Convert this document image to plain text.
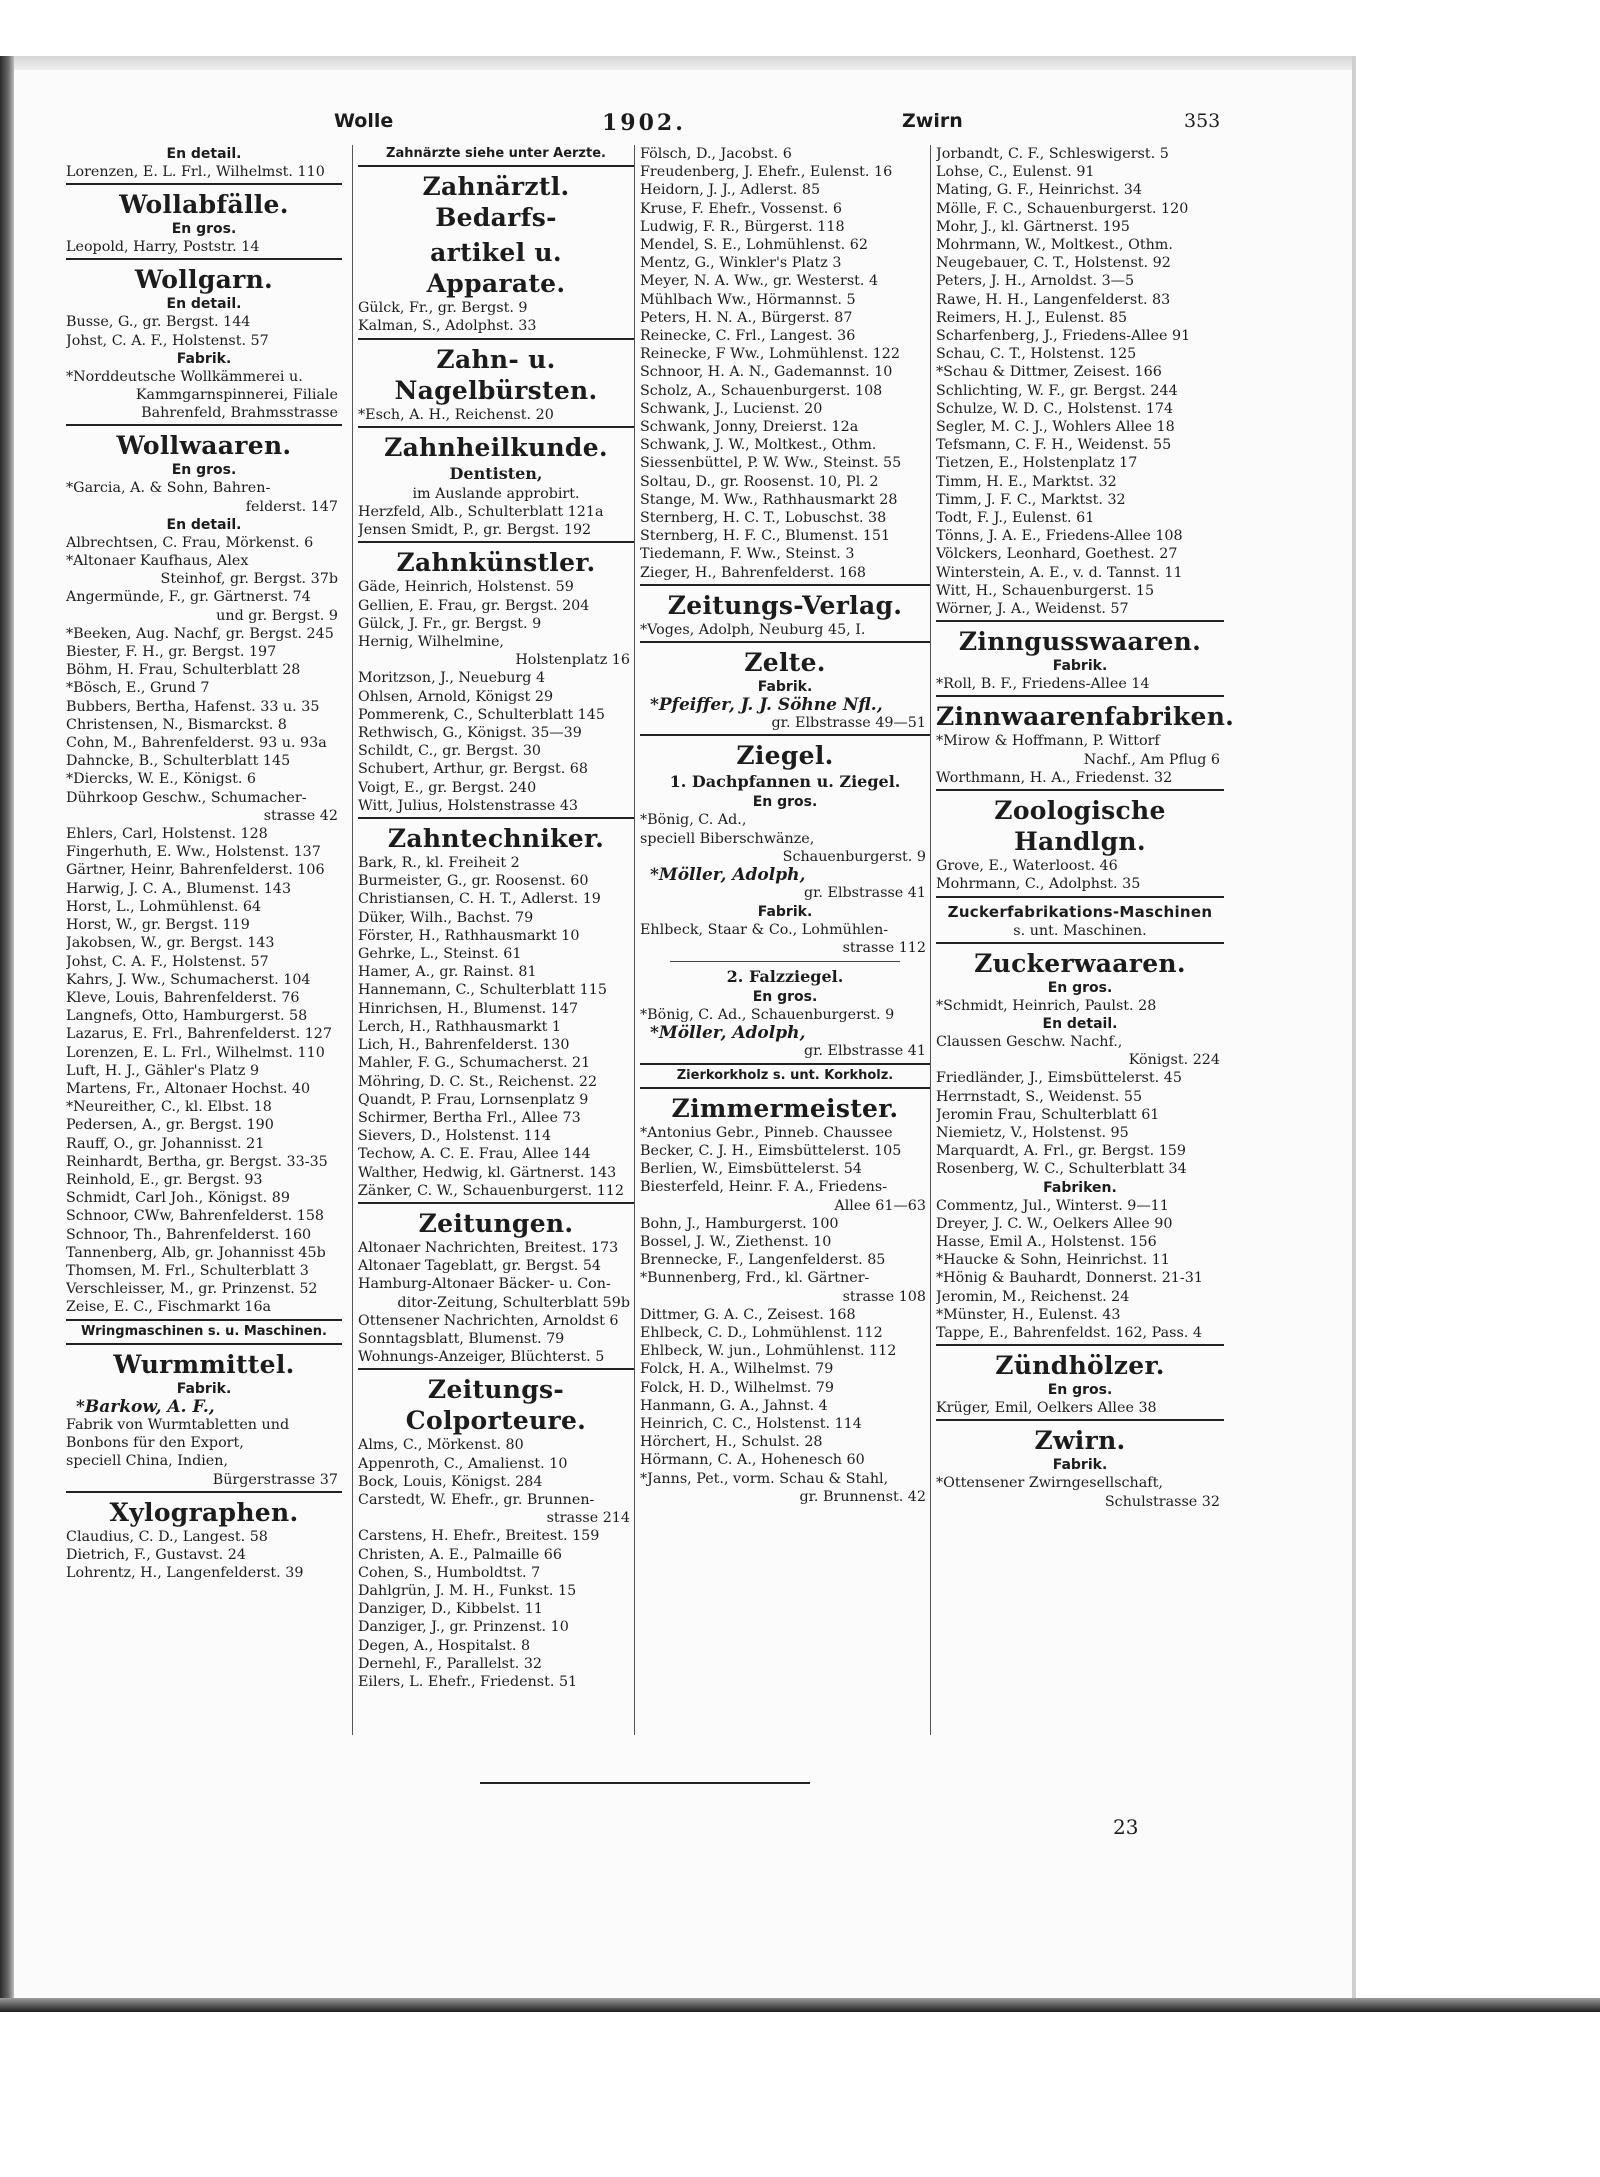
Wolle	1902.	Zwirn	353
En detail.
Lorenzen, E. L. Frl., Wilhelmst. 110
Wollabfälle.
En gros.
Leopold, Harry, Poststr. 14
Wollgarn.
En detail.
Busse, G., gr. Bergst. 144
Johst, C. A. F., Holstenst. 57
Fabrik.
*Norddeutsche Wollkämmerei u.
Kammgarnspinnerei, Filiale
Bahrenfeld, Brahmsstrasse
Wollwaaren.
En gros.
*Garcia, A. & Sohn, Bahren-
felderst. 147
En detail.
Albrechtsen, C. Frau, Mörkenst. 6
*Altonaer Kaufhaus, Alex
Steinhof, gr. Bergst. 37b
Angermünde, F., gr. Gärtnerst. 74
und gr. Bergst. 9
*Beeken, Aug. Nachf, gr. Bergst. 245
Biester, F. H., gr. Bergst. 197
Böhm, H. Frau, Schulterblatt 28
*Bösch, E., Grund 7
Bubbers, Bertha, Hafenst. 33 u. 35
Christensen, N., Bismarckst. 8
Cohn, M., Bahrenfelderst. 93 u. 93a
Dahncke, B., Schulterblatt 145
*Diercks, W. E., Königst. 6
Dührkoop Geschw., Schumacher-
strasse 42
Ehlers, Carl, Holstenst. 128
Fingerhuth, E. Ww., Holstenst. 137
Gärtner, Heinr, Bahrenfelderst. 106
Harwig, J. C. A., Blumenst. 143
Horst, L., Lohmühlenst. 64
Horst, W., gr. Bergst. 119
Jakobsen, W., gr. Bergst. 143
Johst, C. A. F., Holstenst. 57
Kahrs, J. Ww., Schumacherst. 104
Kleve, Louis, Bahrenfelderst. 76
Langnefs, Otto, Hamburgerst. 58
Lazarus, E. Frl., Bahrenfelderst. 127
Lorenzen, E. L. Frl., Wilhelmst. 110
Luft, H. J., Gähler's Platz 9
Martens, Fr., Altonaer Hochst. 40
*Neureither, C., kl. Elbst. 18
Pedersen, A., gr. Bergst. 190
Rauff, O., gr. Johannisst. 21
Reinhardt, Bertha, gr. Bergst. 33-35
Reinhold, E., gr. Bergst. 93
Schmidt, Carl Joh., Königst. 89
Schnoor, CWw, Bahrenfelderst. 158
Schnoor, Th., Bahrenfelderst. 160
Tannenberg, Alb, gr. Johannisst 45b
Thomsen, M. Frl., Schulterblatt 3
Verschleisser, M., gr. Prinzenst. 52
Zeise, E. C., Fischmarkt 16a
Wringmaschinen s. u. Maschinen.
Wurmmittel.
Fabrik.
*Barkow, A. F.,
Fabrik von Wurmtabletten und
Bonbons für den Export,
speciell China, Indien,
Bürgerstrasse 37
Xylographen.
Claudius, C. D., Langest. 58
Dietrich, F., Gustavst. 24
Lohrentz, H., Langenfelderst. 39
Zahnärzte siehe unter Aerzte.
Zahnärztl. Bedarfs-
artikel u. Apparate.
Gülck, Fr., gr. Bergst. 9
Kalman, S., Adolphst. 33
Zahn- u. Nagelbürsten.
*Esch, A. H., Reichenst. 20
Zahnheilkunde.
Dentisten,
im Auslande approbirt.
Herzfeld, Alb., Schulterblatt 121a
Jensen Smidt, P., gr. Bergst. 192
Zahnkünstler.
Gäde, Heinrich, Holstenst. 59
Gellien, E. Frau, gr. Bergst. 204
Gülck, J. Fr., gr. Bergst. 9
Hernig, Wilhelmine,
Holstenplatz 16
Moritzson, J., Neueburg 4
Ohlsen, Arnold, Königst 29
Pommerenk, C., Schulterblatt 145
Rethwisch, G., Königst. 35—39
Schildt, C., gr. Bergst. 30
Schubert, Arthur, gr. Bergst. 68
Voigt, E., gr. Bergst. 240
Witt, Julius, Holstenstrasse 43
Zahntechniker.
Bark, R., kl. Freiheit 2
Burmeister, G., gr. Roosenst. 60
Christiansen, C. H. T., Adlerst. 19
Düker, Wilh., Bachst. 79
Förster, H., Rathhausmarkt 10
Gehrke, L., Steinst. 61
Hamer, A., gr. Rainst. 81
Hannemann, C., Schulterblatt 115
Hinrichsen, H., Blumenst. 147
Lerch, H., Rathhausmarkt 1
Lich, H., Bahrenfelderst. 130
Mahler, F. G., Schumacherst. 21
Möhring, D. C. St., Reichenst. 22
Quandt, P. Frau, Lornsenplatz 9
Schirmer, Bertha Frl., Allee 73
Sievers, D., Holstenst. 114
Techow, A. C. E. Frau, Allee 144
Walther, Hedwig, kl. Gärtnerst. 143
Zänker, C. W., Schauenburgerst. 112
Zeitungen.
Altonaer Nachrichten, Breitest. 173
Altonaer Tageblatt, gr. Bergst. 54
Hamburg-Altonaer Bäcker- u. Con-
ditor-Zeitung, Schulterblatt 59b
Ottensener Nachrichten, Arnoldst 6
Sonntagsblatt, Blumenst. 79
Wohnungs-Anzeiger, Blüchterst. 5
Zeitungs-Colporteure.
Alms, C., Mörkenst. 80
Appenroth, C., Amalienst. 10
Bock, Louis, Königst. 284
Carstedt, W. Ehefr., gr. Brunnen-
strasse 214
Carstens, H. Ehefr., Breitest. 159
Christen, A. E., Palmaille 66
Cohen, S., Humboldtst. 7
Dahlgrün, J. M. H., Funkst. 15
Danziger, D., Kibbelst. 11
Danziger, J., gr. Prinzenst. 10
Degen, A., Hospitalst. 8
Dernehl, F., Parallelst. 32
Eilers, L. Ehefr., Friedenst. 51
Fölsch, D., Jacobst. 6
Freudenberg, J. Ehefr., Eulenst. 16
Heidorn, J. J., Adlerst. 85
Kruse, F. Ehefr., Vossenst. 6
Ludwig, F. R., Bürgerst. 118
Mendel, S. E., Lohmühlenst. 62
Mentz, G., Winkler's Platz 3
Meyer, N. A. Ww., gr. Westerst. 4
Mühlbach Ww., Hörmannst. 5
Peters, H. N. A., Bürgerst. 87
Reinecke, C. Frl., Langest. 36
Reinecke, F Ww., Lohmühlenst. 122
Schnoor, H. A. N., Gademannst. 10
Scholz, A., Schauenburgerst. 108
Schwank, J., Lucienst. 20
Schwank, Jonny, Dreierst. 12a
Schwank, J. W., Moltkest., Othm.
Siessenbüttel, P. W. Ww., Steinst. 55
Soltau, D., gr. Roosenst. 10, Pl. 2
Stange, M. Ww., Rathhausmarkt 28
Sternberg, H. C. T., Lobuschst. 38
Sternberg, H. F. C., Blumenst. 151
Tiedemann, F. Ww., Steinst. 3
Zieger, H., Bahrenfelderst. 168
Zeitungs-Verlag.
*Voges, Adolph, Neuburg 45, I.
Zelte.
Fabrik.
*Pfeiffer, J. J. Söhne Nfl.,
gr. Elbstrasse 49—51
Ziegel.
1. Dachpfannen u. Ziegel.
En gros.
*Bönig, C. Ad.,
speciell Biberschwänze,
Schauenburgerst. 9
*Möller, Adolph,
gr. Elbstrasse 41
Fabrik.
Ehlbeck, Staar & Co., Lohmühlen-
strasse 112
2. Falzziegel.
En gros.
*Bönig, C. Ad., Schauenburgerst. 9
*Möller, Adolph,
gr. Elbstrasse 41
Zierkorkholz s. unt. Korkholz.
Zimmermeister.
*Antonius Gebr., Pinneb. Chaussee
Becker, C. J. H., Eimsbüttelerst. 105
Berlien, W., Eimsbüttelerst. 54
Biesterfeld, Heinr. F. A., Friedens-
Allee 61—63
Bohn, J., Hamburgerst. 100
Bossel, J. W., Ziethenst. 10
Brennecke, F., Langenfelderst. 85
*Bunnenberg, Frd., kl. Gärtner-
strasse 108
Dittmer, G. A. C., Zeisest. 168
Ehlbeck, C. D., Lohmühlenst. 112
Ehlbeck, W. jun., Lohmühlenst. 112
Folck, H. A., Wilhelmst. 79
Folck, H. D., Wilhelmst. 79
Hanmann, G. A., Jahnst. 4
Heinrich, C. C., Holstenst. 114
Hörchert, H., Schulst. 28
Hörmann, C. A., Hohenesch 60
*Janns, Pet., vorm. Schau & Stahl,
gr. Brunnenst. 42
Jorbandt, C. F., Schleswigerst. 5
Lohse, C., Eulenst. 91
Mating, G. F., Heinrichst. 34
Mölle, F. C., Schauenburgerst. 120
Mohr, J., kl. Gärtnerst. 195
Mohrmann, W., Moltkest., Othm.
Neugebauer, C. T., Holstenst. 92
Peters, J. H., Arnoldst. 3—5
Rawe, H. H., Langenfelderst. 83
Reimers, H. J., Eulenst. 85
Scharfenberg, J., Friedens-Allee 91
Schau, C. T., Holstenst. 125
*Schau & Dittmer, Zeisest. 166
Schlichting, W. F., gr. Bergst. 244
Schulze, W. D. C., Holstenst. 174
Segler, M. C. J., Wohlers Allee 18
Tefsmann, C. F. H., Weidenst. 55
Tietzen, E., Holstenplatz 17
Timm, H. E., Marktst. 32
Timm, J. F. C., Marktst. 32
Todt, F. J., Eulenst. 61
Tönns, J. A. E., Friedens-Allee 108
Völckers, Leonhard, Goethest. 27
Winterstein, A. E., v. d. Tannst. 11
Witt, H., Schauenburgerst. 15
Wörner, J. A., Weidenst. 57
Zinngusswaaren.
Fabrik.
*Roll, B. F., Friedens-Allee 14
Zinnwaarenfabriken.
*Mirow & Hoffmann, P. Wittorf
Nachf., Am Pflug 6
Worthmann, H. A., Friedenst. 32
Zoologische Handlgn.
Grove, E., Waterloost. 46
Mohrmann, C., Adolphst. 35
Zuckerfabrikations-Maschinen
s. unt. Maschinen.
Zuckerwaaren.
En gros.
*Schmidt, Heinrich, Paulst. 28
En detail.
Claussen Geschw. Nachf.,
Königst. 224
Friedländer, J., Eimsbüttelerst. 45
Herrnstadt, S., Weidenst. 55
Jeromin Frau, Schulterblatt 61
Niemietz, V., Holstenst. 95
Marquardt, A. Frl., gr. Bergst. 159
Rosenberg, W. C., Schulterblatt 34
Fabriken.
Commentz, Jul., Winterst. 9—11
Dreyer, J. C. W., Oelkers Allee 90
Hasse, Emil A., Holstenst. 156
*Haucke & Sohn, Heinrichst. 11
*Hönig & Bauhardt, Donnerst. 21-31
Jeromin, M., Reichenst. 24
*Münster, H., Eulenst. 43
Tappe, E., Bahrenfeldst. 162, Pass. 4
Zündhölzer.
En gros.
Krüger, Emil, Oelkers Allee 38
Zwirn.
Fabrik.
*Ottensener Zwirngesellschaft,
Schulstrasse 32
23
